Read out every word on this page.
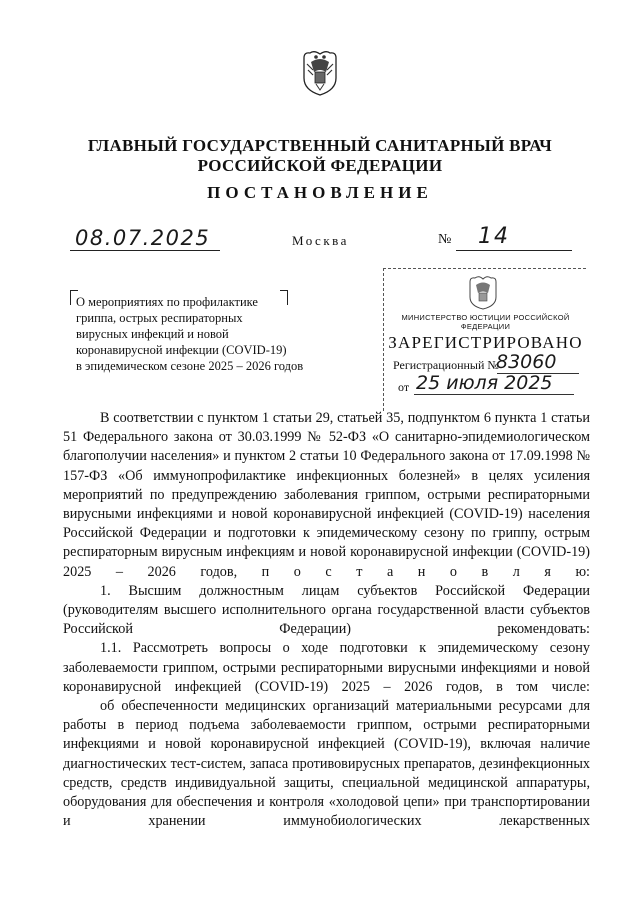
ГЛАВНЫЙ ГОСУДАРСТВЕННЫЙ САНИТАРНЫЙ ВРАЧ
РОССИЙСКОЙ ФЕДЕРАЦИИ
ПОСТАНОВЛЕНИЕ
08.07.2025	Москва	№ 14
О мероприятиях по профилактике
гриппа, острых респираторных
вирусных инфекций и новой
коронавирусной инфекции (COVID-19)
в эпидемическом сезоне 2025 – 2026 годов
МИНИСТЕРСТВО ЮСТИЦИИ РОССИЙСКОЙ ФЕДЕРАЦИИ
ЗАРЕГИСТРИРОВАНО
Регистрационный №
83060
от 25 июля 2025

В соответствии с пунктом 1 статьи 29, статьей 35, подпунктом 6 пункта 1 статьи 51 Федерального закона от 30.03.1999 № 52-ФЗ «О санитарно-эпидемиологическом благополучии населения» и пунктом 2 статьи 10 Федерального закона от 17.09.1998 № 157-ФЗ «Об иммунопрофилактике инфекционных болезней» в целях усиления мероприятий по предупреждению заболевания гриппом, острыми респираторными вирусными инфекциями и новой коронавирусной инфекцией (COVID-19) населения Российской Федерации и подготовки к эпидемическому сезону по гриппу, острым респираторным вирусным инфекциям и новой коронавирусной инфекции (COVID-19) 2025 – 2026 годов, п о с т а н о в л я ю:

1. Высшим должностным лицам субъектов Российской Федерации (руководителям высшего исполнительного органа государственной власти субъектов Российской Федерации) рекомендовать:

1.1. Рассмотреть вопросы о ходе подготовки к эпидемическому сезону заболеваемости гриппом, острыми респираторными вирусными инфекциями и новой коронавирусной инфекцией (COVID-19) 2025 – 2026 годов, в том числе:

об обеспеченности медицинских организаций материальными ресурсами для работы в период подъема заболеваемости гриппом, острыми респираторными инфекциями и новой коронавирусной инфекцией (COVID-19), включая наличие диагностических тест-систем, запаса противовирусных препаратов, дезинфекционных средств, средств индивидуальной защиты, специальной медицинской аппаратуры, оборудования для обеспечения и контроля «холодовой цепи» при транспортировании и хранении иммунобиологических лекарственных
